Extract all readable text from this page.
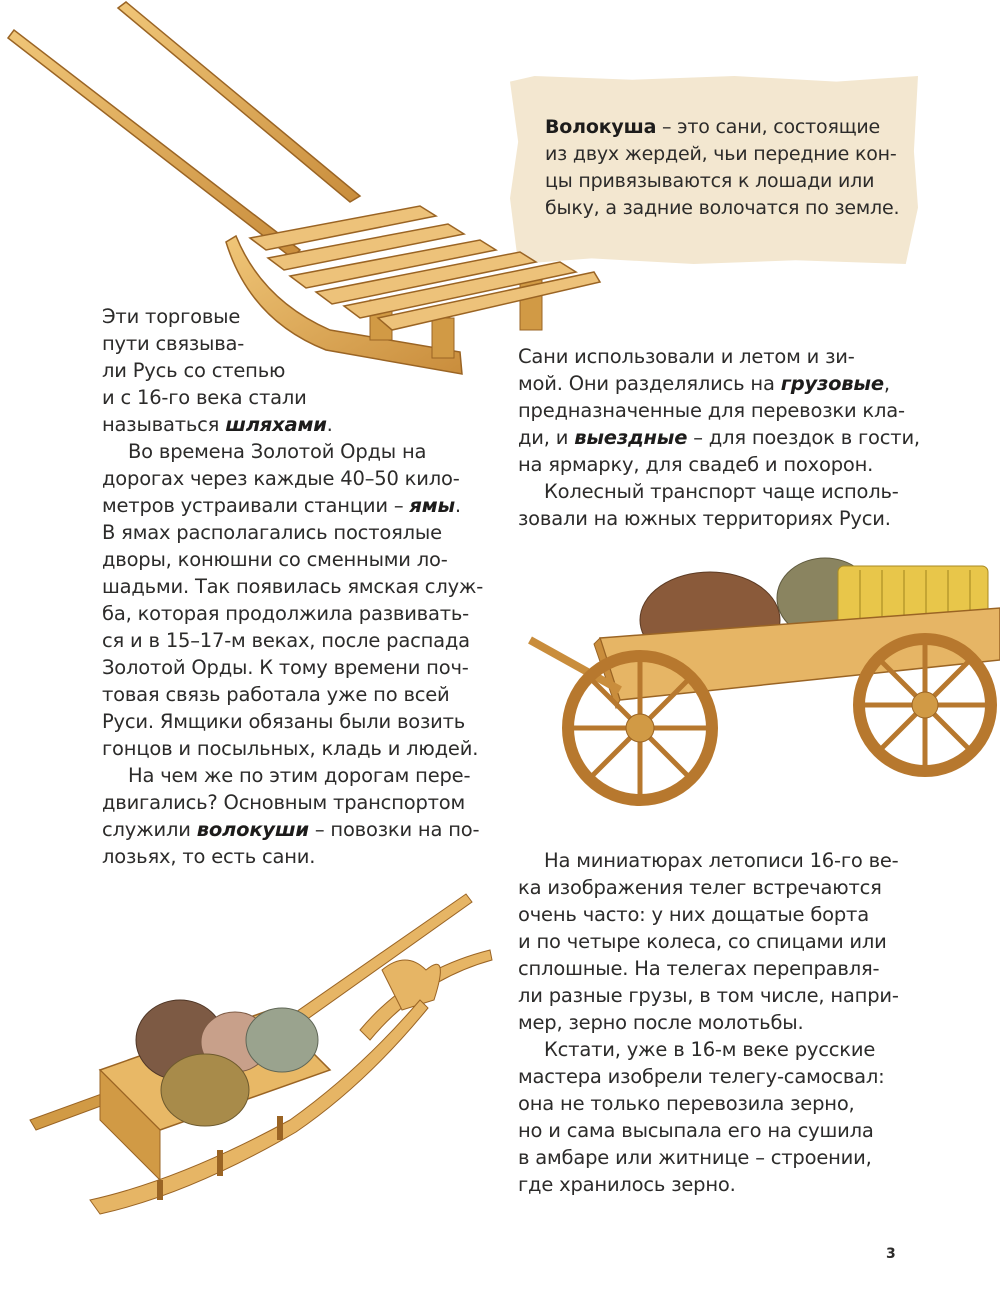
Волокуша – это сани, состоящие
из двух жердей, чьи передние кон-
цы привязываются к лошади или
быку, а задние волочатся по земле.
Эти торговые
пути связыва-
ли Русь со степью
и с 16-го века стали
называться шляхами.
Во времена Золотой Орды на
дорогах через каждые 40–50 кило-
метров устраивали станции – ямы.
В ямах располагались постоялые
дворы, конюшни со сменными ло-
шадьми. Так появилась ямская служ-
ба, которая продолжила развивать-
ся и в 15–17-м веках, после распада
Золотой Орды. К тому времени поч-
товая связь работала уже по всей
Руси. Ямщики обязаны были возить
гонцов и посыльных, кладь и людей.
На чем же по этим дорогам пере-
двигались? Основным транспортом
служили волокуши – повозки на по-
лозьях, то есть сани.
Сани использовали и летом и зи-
мой. Они разделялись на грузовые,
предназначенные для перевозки кла-
ди, и выездные – для поездок в гости,
на ярмарку, для свадеб и похорон.
Колесный транспорт чаще исполь-
зовали на южных территориях Руси.
На миниатюрах летописи 16-го ве-
ка изображения телег встречаются
очень часто: у них дощатые борта
и по четыре колеса, со спицами или
сплошные. На телегах переправля-
ли разные грузы, в том числе, напри-
мер, зерно после молотьбы.
Кстати, уже в 16-м веке русские
мастера изобрели телегу-самосвал:
она не только перевозила зерно,
но и сама высыпала его на сушила
в амбаре или житнице – строении,
где хранилось зерно.
3
